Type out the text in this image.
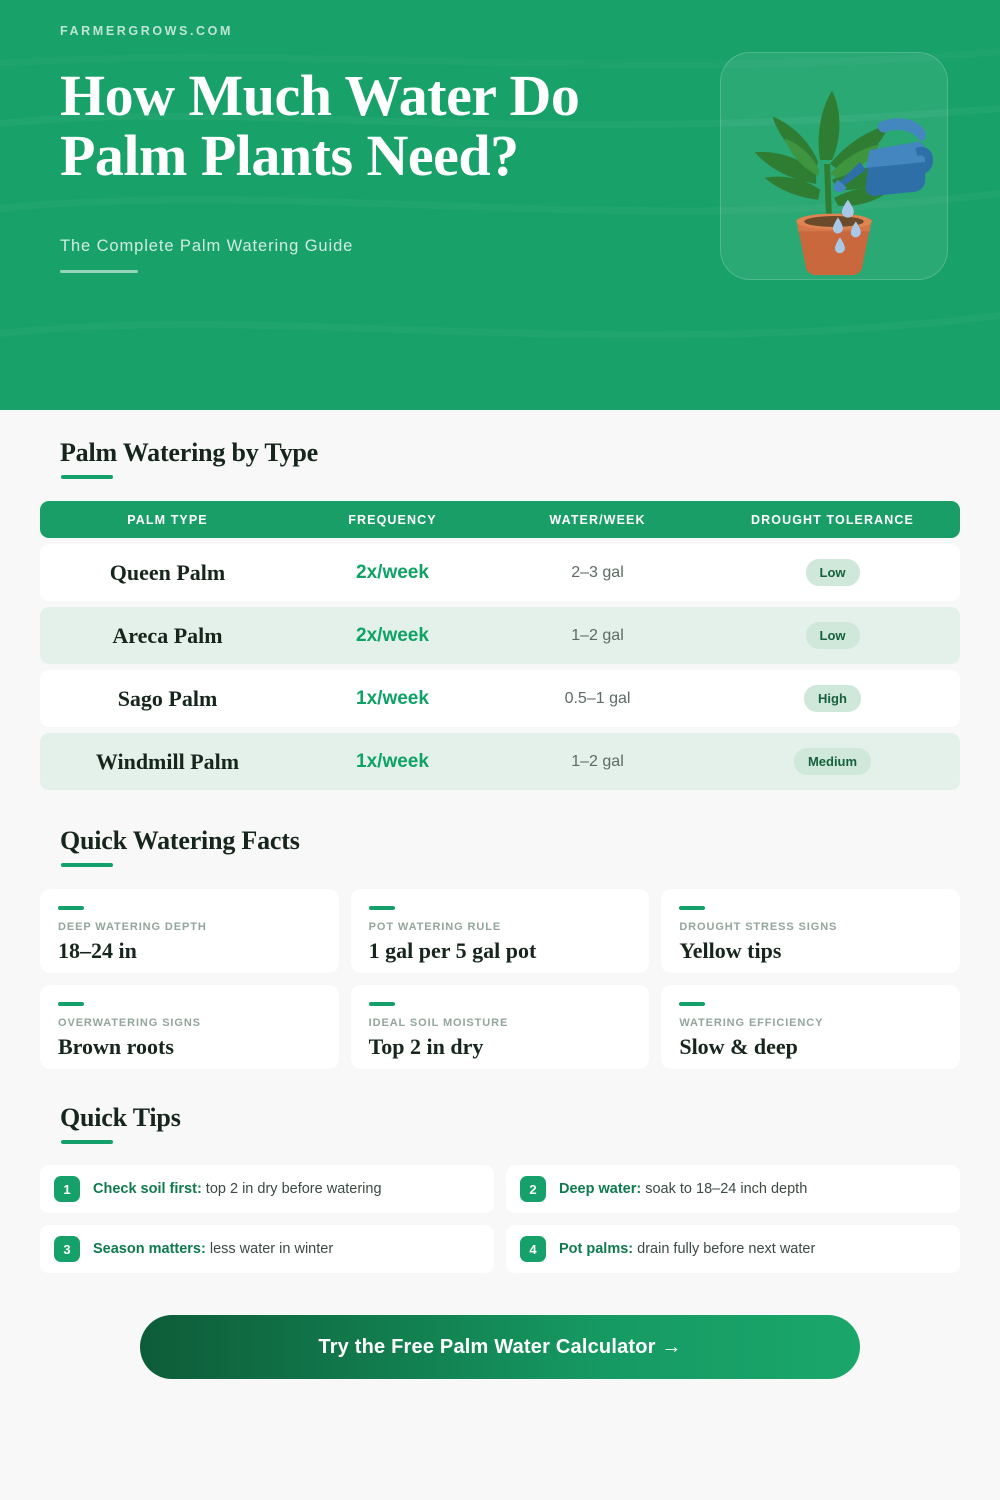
FARMERGROWS.COM
How Much Water Do Palm Plants Need?
The Complete Palm Watering Guide
Palm Watering by Type
PALM TYPE	FREQUENCY	WATER/WEEK	DROUGHT TOLERANCE
Queen Palm	2x/week	2–3 gal	Low
Areca Palm	2x/week	1–2 gal	Low
Sago Palm	1x/week	0.5–1 gal	High
Windmill Palm	1x/week	1–2 gal	Medium
Quick Watering Facts
DEEP WATERING DEPTH
18–24 in
POT WATERING RULE
1 gal per 5 gal pot
DROUGHT STRESS SIGNS
Yellow tips
OVERWATERING SIGNS
Brown roots
IDEAL SOIL MOISTURE
Top 2 in dry
WATERING EFFICIENCY
Slow & deep
Quick Tips
1	Check soil first: top 2 in dry before watering	2	Deep water: soak to 18–24 inch depth
3	Season matters: less water in winter	4	Pot palms: drain fully before next water
Try the Free Palm Water Calculator →
